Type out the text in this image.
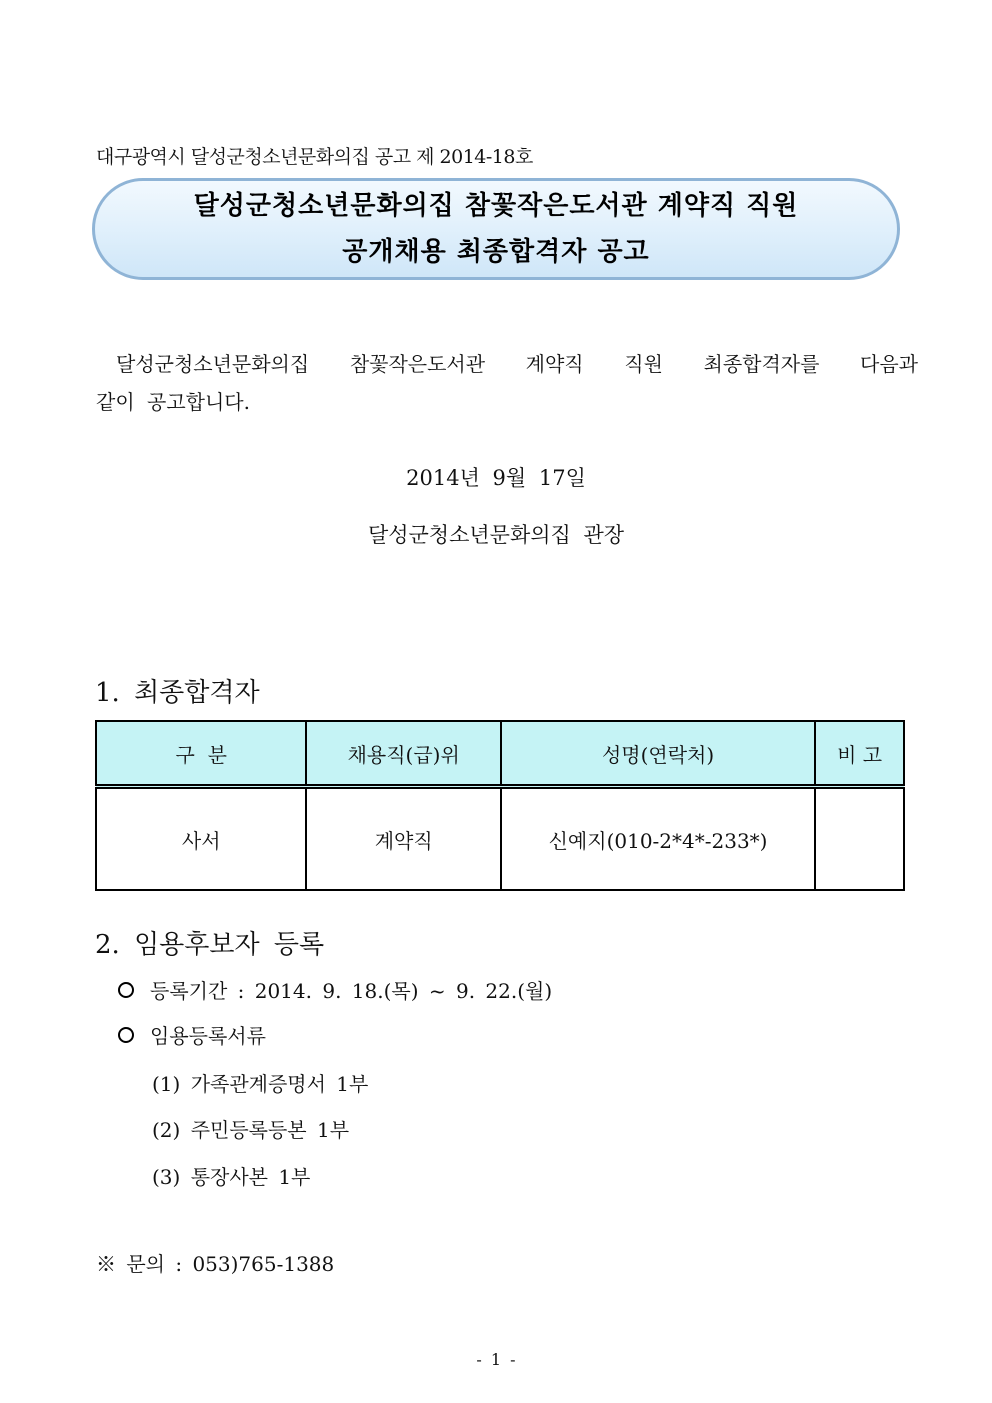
대구광역시 달성군청소년문화의집 공고 제 2014-18호
달성군청소년문화의집 참꽃작은도서관 계약직 직원
공개채용 최종합격자 공고
달성군청소년문화의집 참꽃작은도서관 계약직 직원 최종합격자를 다음과
같이 공고합니다.
2014년 9월 17일
달성군청소년문화의집 관장
1. 최종합격자
구  분	채용직(급)위	성명(연락처)	비 고
사서	계약직	신예지(010-2*4*-233*)	
2. 임용후보자 등록
등록기간 : 2014. 9. 18.(목) ~ 9. 22.(월)
임용등록서류
(1) 가족관계증명서 1부
(2) 주민등록등본 1부
(3) 통장사본 1부
※ 문의 : 053)765-1388
- 1 -
